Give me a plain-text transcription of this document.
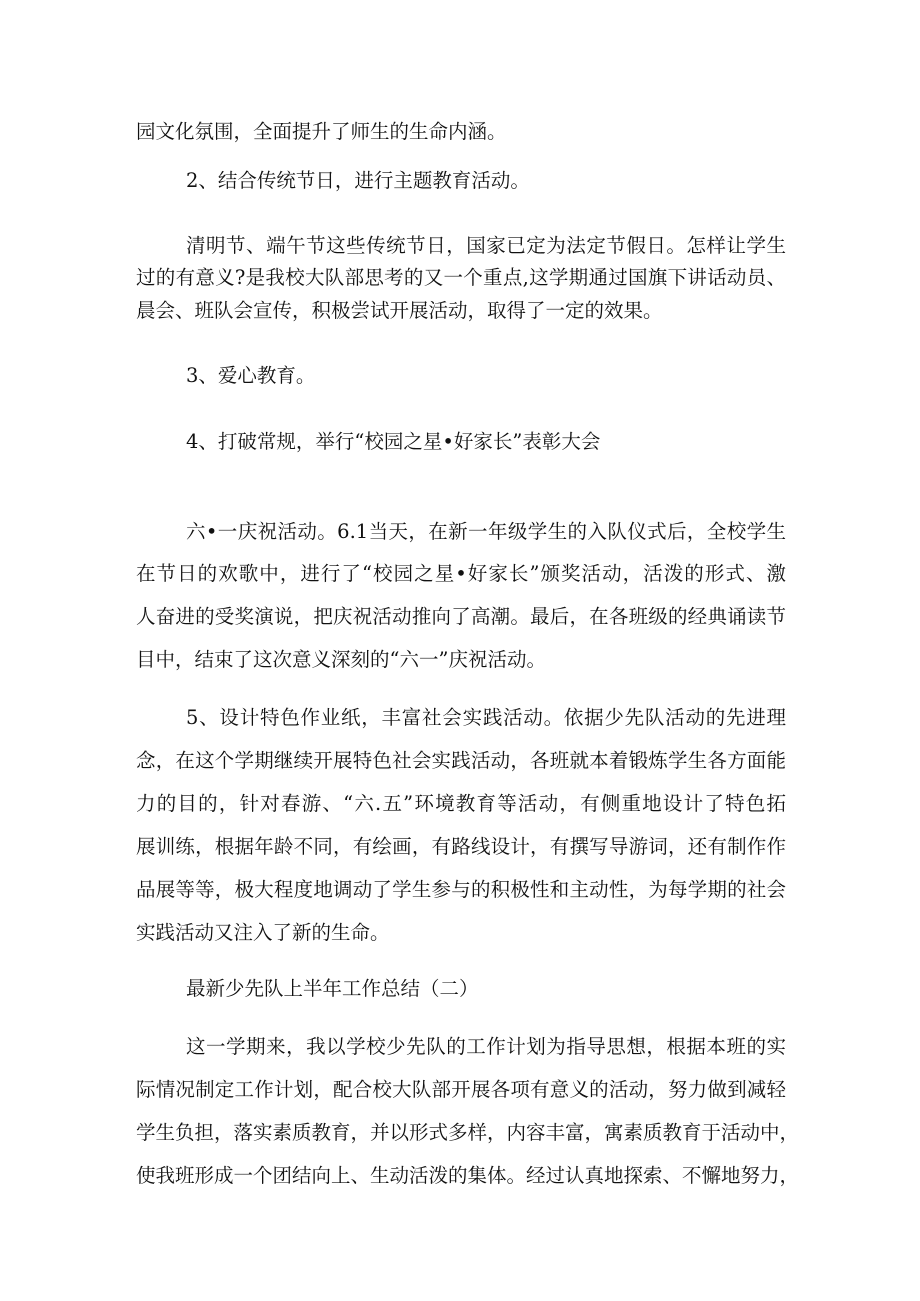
园文化氛围，全面提升了师生的生命内涵。
2、结合传统节日，进行主题教育活动。
清明节、端午节这些传统节日，国家已定为法定节假日。怎样让学生
过的有意义?是我校大队部思考的又一个重点,这学期通过国旗下讲话动员、
晨会、班队会宣传，积极尝试开展活动，取得了一定的效果。
3、爱心教育。
4、打破常规，举行“校园之星•好家长”表彰大会
六•一庆祝活动。6.1当天，在新一年级学生的入队仪式后，全校学生
在节日的欢歌中，进行了“校园之星•好家长”颁奖活动，活泼的形式、激
人奋进的受奖演说，把庆祝活动推向了高潮。最后，在各班级的经典诵读节
目中，结束了这次意义深刻的“六一”庆祝活动。
5、设计特色作业纸，丰富社会实践活动。依据少先队活动的先进理
念，在这个学期继续开展特色社会实践活动，各班就本着锻炼学生各方面能
力的目的，针对春游、“六.五”环境教育等活动，有侧重地设计了特色拓
展训练，根据年龄不同，有绘画，有路线设计，有撰写导游词，还有制作作
品展等等，极大程度地调动了学生参与的积极性和主动性，为每学期的社会
实践活动又注入了新的生命。
最新少先队上半年工作总结（二）
这一学期来，我以学校少先队的工作计划为指导思想，根据本班的实
际情况制定工作计划，配合校大队部开展各项有意义的活动，努力做到减轻
学生负担，落实素质教育，并以形式多样，内容丰富，寓素质教育于活动中，
使我班形成一个团结向上、生动活泼的集体。经过认真地探索、不懈地努力，
